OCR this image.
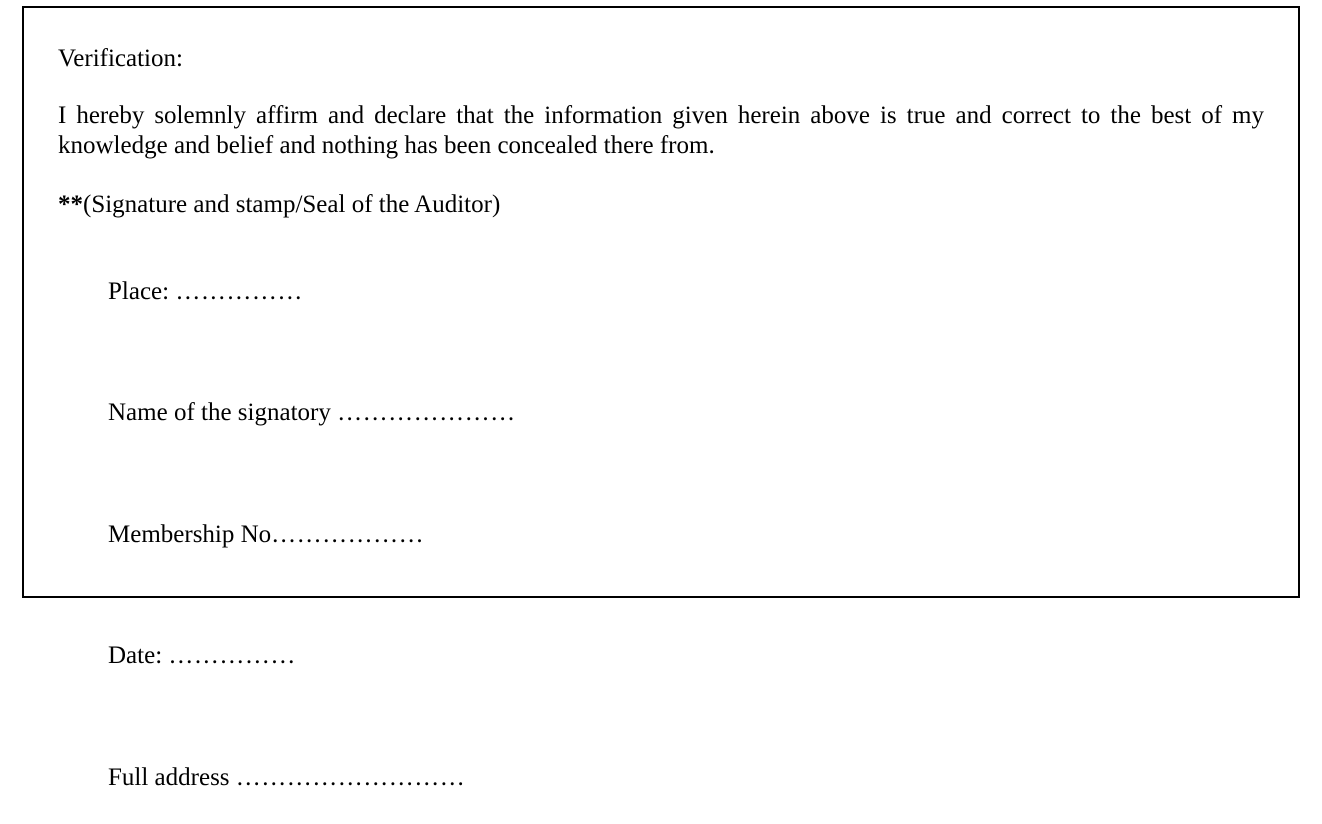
Verification:

I hereby solemnly affirm and declare that the information given herein above is true and correct to the best of my knowledge and belief and nothing has been concealed there from.

**(Signature and stamp/Seal of the Auditor)

Place: ……………

Name of the signatory …………………

Membership No………………

Date: ……………

Full address ………………………
